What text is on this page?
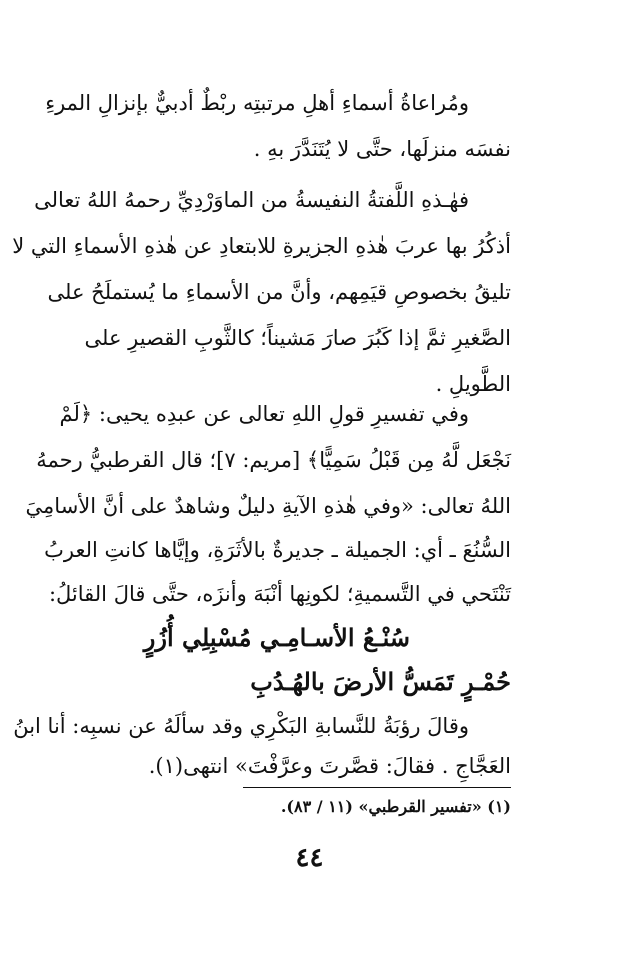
ومُراعاةُ أسماءِ أهلِ مرتبتِه ربْطٌ أدبيٌّ بإنزالِ المرءِ
نفسَه منزلَها، حتَّى لا يُتَنَدَّرَ بهِ .
فهٰـذهِ اللَّفتةُ النفيسةُ من الماوَرْدِيِّ رحمهُ اللهُ تعالى
أذكُرُ بها عربَ هٰذهِ الجزيرةِ للابتعادِ عن هٰذهِ الأسماءِ التي لا
تليقُ بخصوصِ قيَمِهم، وأنَّ من الأسماءِ ما يُستملَحُ على
الصَّغيرِ ثمَّ إذا كَبُرَ صارَ مَشيناً؛ كالثَّوبِ القصيرِ على
الطَّويلِ .
وفي تفسيرِ قولِ اللهِ تعالى عن عبدِه يحيى: ﴿لَمْ
نَجْعَل لَّهُ مِن قَبْلُ سَمِيًّا﴾ [مريم: ٧]؛ قال القرطبيُّ رحمهُ
اللهُ تعالى: «وفي هٰذهِ الآيةِ دليلٌ وشاهدٌ على أنَّ الأسامِيَ
السُّنُعَ ـ أي: الجميلة ـ جديرةٌ بالأثَرَةِ، وإيَّاها كانتِ العربُ
تَنْتَحي في التَّسميةِ؛ لكونِها أنْبَهَ وأنزَه، حتَّى قالَ القائلُ:
سُنْـعُ الأسـامِـي مُسْبِلِي أُزُرٍ
حُمْـرٍ تَمَسُّ الأرضَ بالهُـدُبِ
وقالَ رؤبَةُ للنَّسابةِ البَكْرِي وقد سألَهُ عن نسبِه: أنا ابنُ
العَجَّاجِ . فقالَ: قصَّرتَ وعرَّفْتَ» انتهى(١).
(١) «تفسير القرطبي» (١١ / ٨٣).
٤٤
